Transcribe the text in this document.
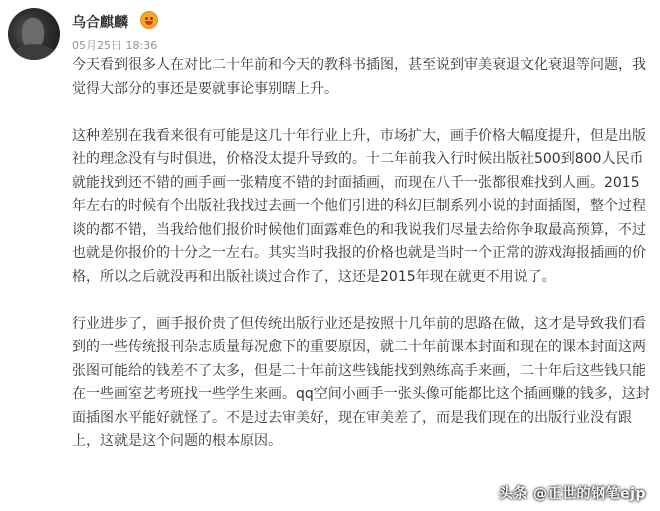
乌合麒麟
05月25日 18:36

今天看到很多人在对比二十年前和今天的教科书插图，甚至说到审美衰退文化衰退等问题，我觉得大部分的事还是要就事论事别瞎上升。

这种差别在我看来很有可能是这几十年行业上升，市场扩大，画手价格大幅度提升，但是出版社的理念没有与时俱进，价格没太提升导致的。十二年前我入行时候出版社500到800人民币就能找到还不错的画手画一张精度不错的封面插画，而现在八千一张都很难找到人画。2015年左右的时候有个出版社我找过去画一个他们引进的科幻巨制系列小说的封面插图，整个过程谈的都不错，当我给他们报价时候他们面露难色的和我说我们尽量去给你争取最高预算，不过也就是你报价的十分之一左右。其实当时我报的价格也就是当时一个正常的游戏海报插画的价格，所以之后就没再和出版社谈过合作了，这还是2015年现在就更不用说了。

行业进步了，画手报价贵了但传统出版行业还是按照十几年前的思路在做，这才是导致我们看到的一些传统报刊杂志质量每况愈下的重要原因，就二十年前课本封面和现在的课本封面这两张图可能给的钱差不了太多，但是二十年前这些钱能找到熟练高手来画，二十年后这些钱只能在一些画室艺考班找一些学生来画。qq空间小画手一张头像可能都比这个插画赚的钱多，这封面插图水平能好就怪了。不是过去审美好，现在审美差了，而是我们现在的出版行业没有跟上，这就是这个问题的根本原因。

头条 @正世的钢笔ejp
